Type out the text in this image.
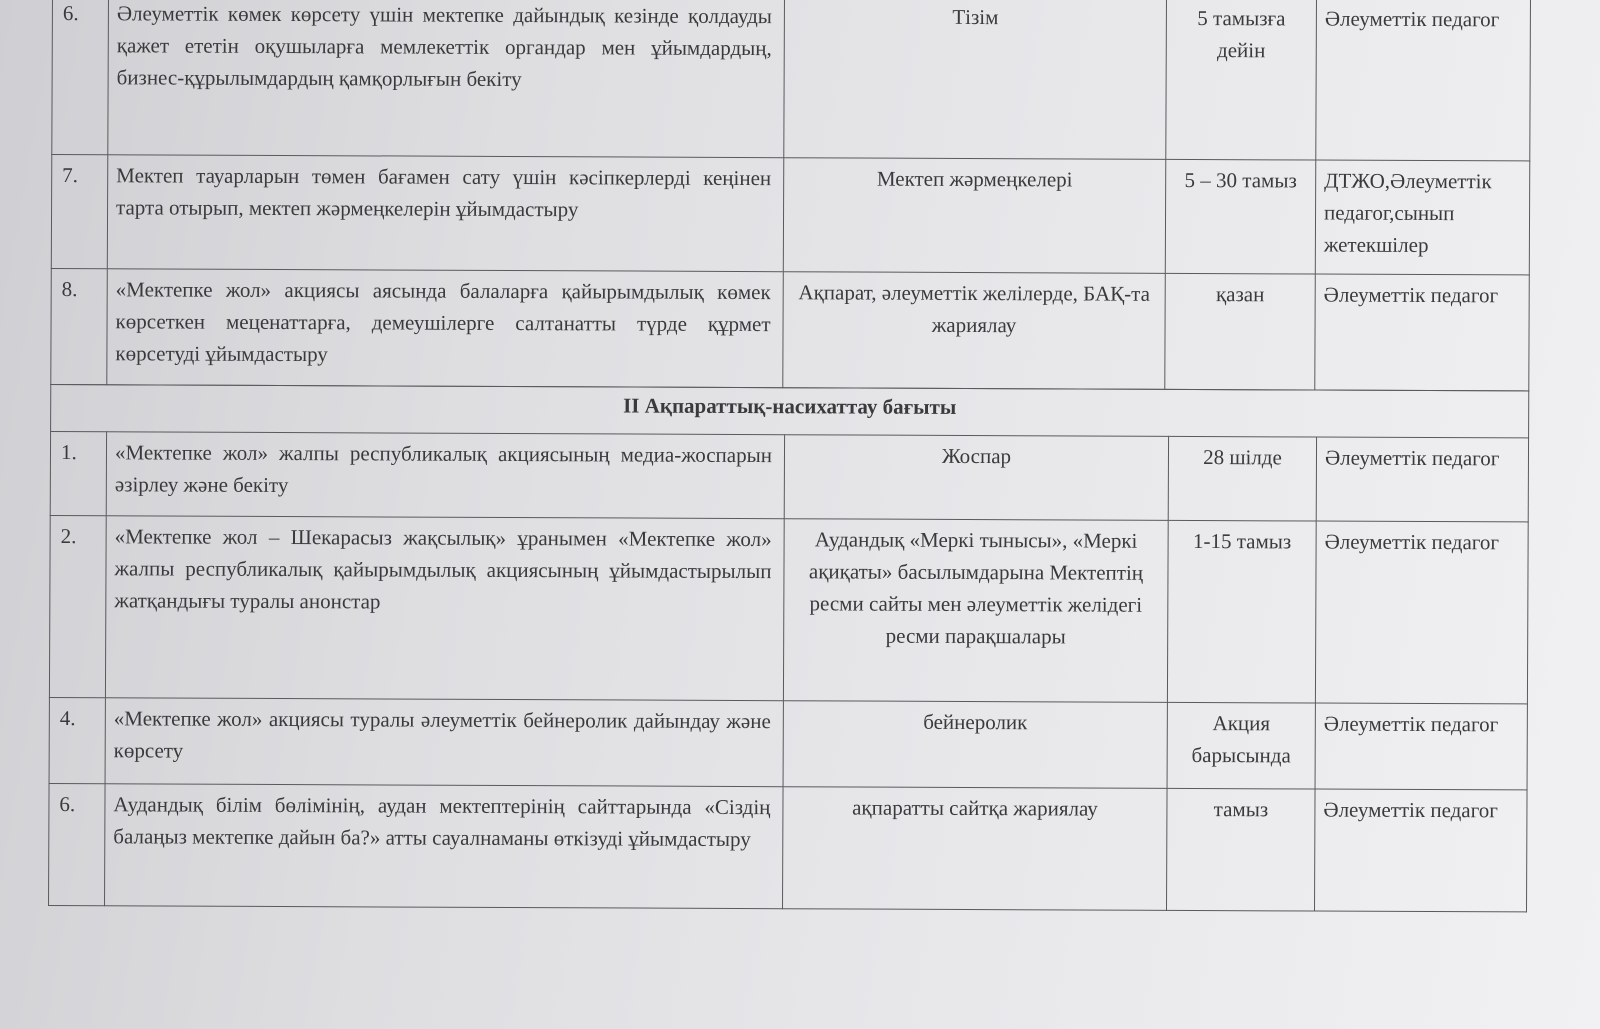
6.	Әлеуметтік көмек көрсету үшін мектепке дайындық кезінде қолдауды қажет ететін оқушыларға мемлекеттік органдар мен ұйымдардың, бизнес-құрылымдардың қамқорлығын бекіту	Тізім	5 тамызға дейін	Әлеуметтік педагог
7.	Мектеп тауарларын төмен бағамен сату үшін кәсіпкерлерді кеңінен тарта отырып, мектеп жәрмеңкелерін ұйымдастыру	Мектеп жәрмеңкелері	5 – 30 тамыз	ДТЖО,Әлеуметтік педагог,сынып жетекшілер
8.	«Мектепке жол» акциясы аясында балаларға қайырымдылық көмек көрсеткен меценаттарға, демеушілерге салтанатты түрде құрмет көрсетуді ұйымдастыру	Ақпарат, әлеуметтік желілерде, БАҚ-та жариялау	қазан	Әлеуметтік педагог
II Ақпараттық-насихаттау бағыты				
1.	«Мектепке жол» жалпы республикалық акциясының медиа-жоспарын әзірлеу және бекіту	Жоспар	28 шілде	Әлеуметтік педагог
2.	«Мектепке жол – Шекарасыз жақсылық» ұранымен «Мектепке жол» жалпы республикалық қайырымдылық акциясының ұйымдастырылып жатқандығы туралы анонстар	Аудандық «Меркі тынысы», «Меркі ақиқаты» басылымдарына Мектептің ресми сайты мен әлеуметтік желідегі ресми парақшалары	1-15 тамыз	Әлеуметтік педагог
4.	«Мектепке жол» акциясы туралы әлеуметтік бейнеролик дайындау және көрсету	бейнеролик	Акция барысында	Әлеуметтік педагог
6.	Аудандық білім бөлімінің, аудан мектептерінің сайттарында «Сіздің балаңыз мектепке дайын ба?» атты сауалнаманы өткізуді ұйымдастыру	ақпаратты сайтқа жариялау	тамыз	Әлеуметтік педагог
